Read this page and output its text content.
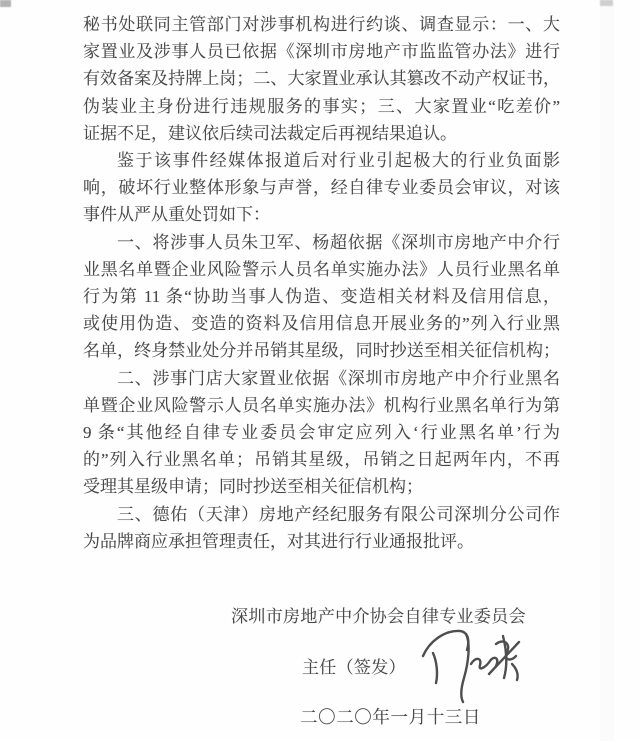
秘书处联同主管部门对涉事机构进行约谈、调查显示：一、大
家置业及涉事人员已依据《深圳市房地产市监监管办法》进行
有效备案及持牌上岗；二、大家置业承认其篡改不动产权证书，
伪装业主身份进行违规服务的事实；三、大家置业“吃差价”
证据不足，建议依后续司法裁定后再视结果追认。
鉴于该事件经媒体报道后对行业引起极大的行业负面影
响，破坏行业整体形象与声誉，经自律专业委员会审议，对该
事件从严从重处罚如下：
一、将涉事人员朱卫军、杨超依据《深圳市房地产中介行
业黑名单暨企业风险警示人员名单实施办法》人员行业黑名单
行为第 11 条“协助当事人伪造、变造相关材料及信用信息，
或使用伪造、变造的资料及信用信息开展业务的”列入行业黑
名单，终身禁业处分并吊销其星级，同时抄送至相关征信机构；
二、涉事门店大家置业依据《深圳市房地产中介行业黑名
单暨企业风险警示人员名单实施办法》机构行业黑名单行为第
9 条“其他经自律专业委员会审定应列入‘行业黑名单’行为
的”列入行业黑名单；吊销其星级，吊销之日起两年内，不再
受理其星级申请；同时抄送至相关征信机构；
三、德佑（天津）房地产经纪服务有限公司深圳分公司作
为品牌商应承担管理责任，对其进行行业通报批评。
深圳市房地产中介协会自律专业委员会
主任（签发）
二〇二〇年一月十三日
